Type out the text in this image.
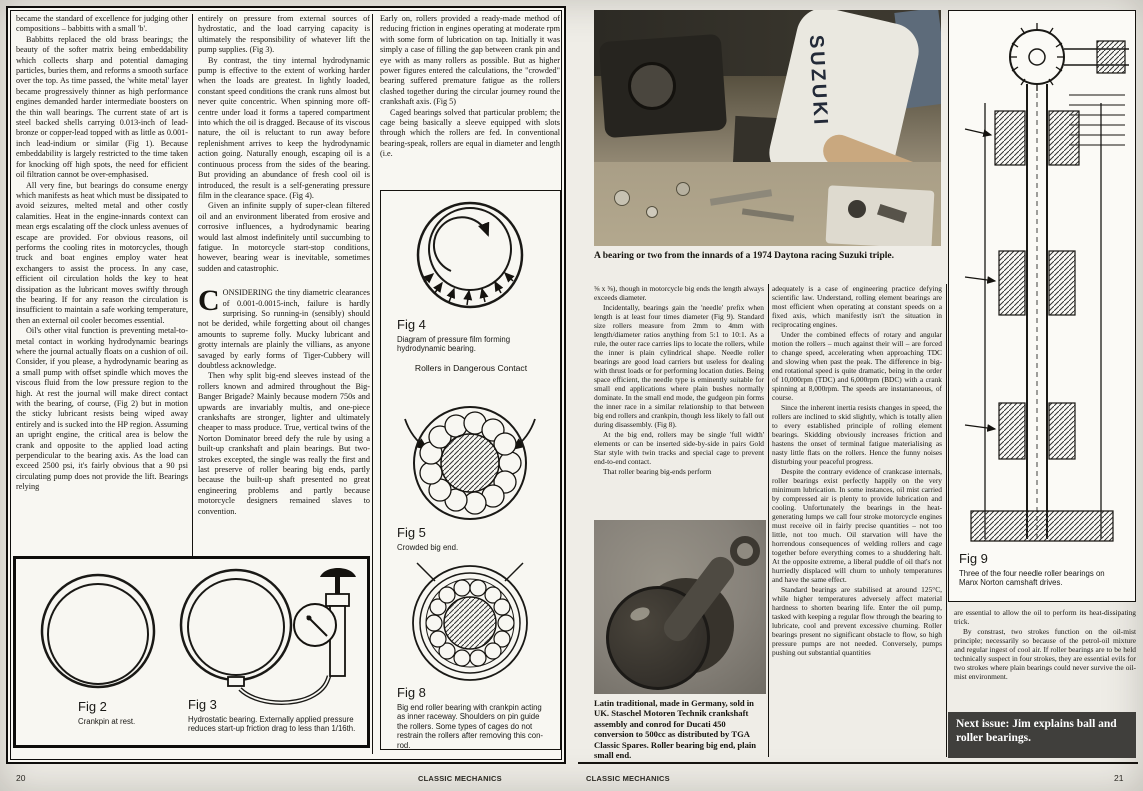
became the standard of excellence for judging other compositions – babbitts with a small 'b'.

Babbitts replaced the old brass bearings; the beauty of the softer matrix being embeddability which collects sharp and potential damaging particles, buries them, and reforms a smooth surface over the top. As time passed, the 'white metal' layer became progressively thinner as high performance engines demanded harder intermediate boosters on the thin wall bearings. The current state of art is steel backed shells carrying 0.013-inch of lead-bronze or copper-lead topped with as little as 0.001-inch lead-indium or similar (Fig 1). Because embeddability is largely restricted to the time taken for knocking off high spots, the need for efficient oil filtration cannot be over-emphasised.

All very fine, but bearings do consume energy which manifests as heat which must be dissipated to avoid seizures, melted metal and other costly calamities. Heat in the engine-innards context can mean ergs escalating off the clock unless avenues of escape are provided. For obvious reasons, oil performs the cooling rites in motorcycles, though truck and boat engines employ water heat exchangers to assist the process. In any case, efficient oil circulation holds the key to heat dissipation as the lubricant moves swiftly through the bearing. If for any reason the circulation is insufficient to maintain a safe working temperature, then an external oil cooler becomes essential.

Oil's other vital function is preventing metal-to-metal contact in working hydrodynamic bearings where the journal actually floats on a cushion of oil. Consider, if you please, a hydrodynamic bearing as a small pump with offset spindle which moves the viscous fluid from the low pressure region to the high. At rest the journal will make direct contact with the bearing, of course, (Fig 2) but in motion the sticky lubricant resists being wiped away entirely and is sucked into the HP region. Assuming an upright engine, the critical area is below the crank and opposite to the applied load acting perpendicular to the bearing axis. As the load can exceed 2500 psi, it's fairly obvious that a 90 psi circulating pump does not provide the lift. Bearings relying

entirely on pressure from external sources of hydrostatic, and the load carrying capacity is ultimately the responsibility of whatever lift the pump supplies. (Fig 3).

By contrast, the tiny internal hydrodynamic pump is effective to the extent of working harder when the loads are greatest. In lightly loaded, constant speed conditions the crank runs almost but never quite concentric. When spinning more off-centre under load it forms a tapered compartment into which the oil is dragged. Because of its viscous nature, the oil is reluctant to run away before replenishment arrives to keep the hydrodynamic action going. Naturally enough, escaping oil is a continuous process from the sides of the bearing. But providing an abundance of fresh cool oil is introduced, the result is a self-generating pressure film in the clearance space. (Fig 4).

Given an infinite supply of super-clean filtered oil and an environment liberated from erosive and corrosive influences, a hydrodynamic bearing would last almost indefinitely until succumbing to fatigue. In motorcycle start-stop conditions, however, bearing wear is inevitable, sometimes sudden and catastrophic.

CONSIDERING the tiny diametric clearances of 0.001-0.0015-inch, failure is hardly surprising. So running-in (sensibly) should not be derided, while forgetting about oil changes amounts to supreme folly. Mucky lubricant and grotty internals are plainly the villians, as anyone savaged by early forms of Tiger-Cubbery will doubtless acknowledge.

Then why split big-end sleeves instead of the rollers known and admired throughout the Big-Banger Brigade? Mainly because modern 750s and upwards are invariably multis, and one-piece crankshafts are stronger, lighter and ultimately cheaper to mass produce. True, vertical twins of the Norton Dominator breed defy the rule by using a built-up crankshaft and plain bearings. But two-strokes excepted, the single was really the first and last preserve of roller bearing big ends, partly because the built-up shaft presented no great engineering problems and partly because motorcycle designers remained slaves to convention.

Early on, rollers provided a ready-made method of reducing friction in engines operating at moderate rpm with some form of lubrication on tap. Initially it was simply a case of filling the gap between crank pin and eye with as many rollers as possible. But as higher power figures entered the calculations, the "crowded" bearing suffered premature fatigue as the rollers clashed together during the circular journey round the crankshaft axis. (Fig 5)

Caged bearings solved that particular problem; the cage being basically a sleeve equipped with slots through which the rollers are fed. In conventional bearing-speak, rollers are equal in diameter and length (i.e.

Fig 4
Diagram of pressure film forming hydrodynamic bearing.
Rollers in Dangerous Contact
Fig 5
Crowded big end.
Fig 8
Big end roller bearing with crankpin acting as inner raceway. Shoulders on pin guide the rollers. Some types of cages do not restrain the rollers after removing this con-rod.
Fig 2
Crankpin at rest.
Fig 3
Hydrostatic bearing. Externally applied pressure reduces start-up friction drag to less than 1/16th.
SUZUKI
A bearing or two from the innards of a 1974 Daytona racing Suzuki triple.

⅝ x ⅝), though in motorcycle big ends the length always exceeds diameter.

Incidentally, bearings gain the 'needle' prefix when length is at least four times diameter (Fig 9). Standard size rollers measure from 2mm to 4mm with length/diameter ratios anything from 5:1 to 10:1. As a rule, the outer race carries lips to locate the rollers, while the inner is plain cylindrical shape. Needle roller bearings are good load carriers but useless for dealing with thrust loads or for performing location duties. Being space efficient, the needle type is eminently suitable for small end applications where plain bushes normally dominate. In the small end mode, the gudgeon pin forms the inner race in a similar relationship to that between big end rollers and crankpin, though less likely to fall out during disassembly. (Fig 8).

At the big end, rollers may be single 'full width' elements or can be inserted side-by-side in pairs Gold Star style with twin tracks and special cage to prevent end-to-end contact.

That roller bearing big-ends perform

adequately is a case of engineering practice defying scientific law. Understand, rolling element bearings are most efficient when operating at constant speeds on a fixed axis, which manifestly isn't the situation in reciprocating engines.

Under the combined effects of rotary and angular motion the rollers – much against their will – are forced to change speed, accelerating when approaching TDC and slowing when past the peak. The difference in big-end rotational speed is quite dramatic, being in the order of 10,000rpm (TDC) and 6,000rpm (BDC) with a crank spinning at 8,000rpm. The speeds are instantaneous, of course.

Since the inherent inertia resists changes in speed, the rollers are inclined to skid slightly, which is totally alien to every established principle of rolling element bearings. Skidding obviously increases friction and hastens the onset of terminal fatigue materialising as nasty little flats on the rollers. Hence the funny noises disturbing your peaceful progress.

Despite the contrary evidence of crankcase internals, roller bearings exist perfectly happily on the very minimum lubrication. In some instances, oil mist carried by compressed air is plenty to provide lubrication and cooling. Unfortunately the bearings in the heat-generating lumps we call four stroke motorcycle engines must receive oil in fairly precise quantities – not too little, not too much. Oil starvation will have the horrendous consequences of welding rollers and cage together before everything comes to a shuddering halt. At the opposite extreme, a liberal puddle of oil that's not hurriedly displaced will churn to unholy temperatures and have the same effect.

Standard bearings are stabilised at around 125°C, while higher temperatures adversely affect material hardness to shorten bearing life. Enter the oil pump, tasked with keeping a regular flow through the bearing to lubricate, cool and prevent excessive churning. Roller bearings present no significant obstacle to flow, so high pressure pumps are not needed. Conversely, pumps pushing out substantial quantities

Latin traditional, made in Germany, sold in UK. Staschel Motoren Technik crankshaft assembly and conrod for Ducati 450 conversion to 500cc as distributed by TGA Classic Spares. Roller bearing big end, plain small end.
Fig 9
Three of the four needle roller bearings on Manx Norton camshaft drives.

are essential to allow the oil to perform its heat-dissipating trick.

By constrast, two strokes function on the oil-mist principle; necessarily so because of the petrol-oil mixture and regular ingest of cool air. If roller bearings are to be held technically suspect in four strokes, they are essential evils for two strokes where plain bearings could never survive the oil-mist environment.

Next issue: Jim explains ball and roller bearings.
20	CLASSIC MECHANICS	CLASSIC MECHANICS	21
